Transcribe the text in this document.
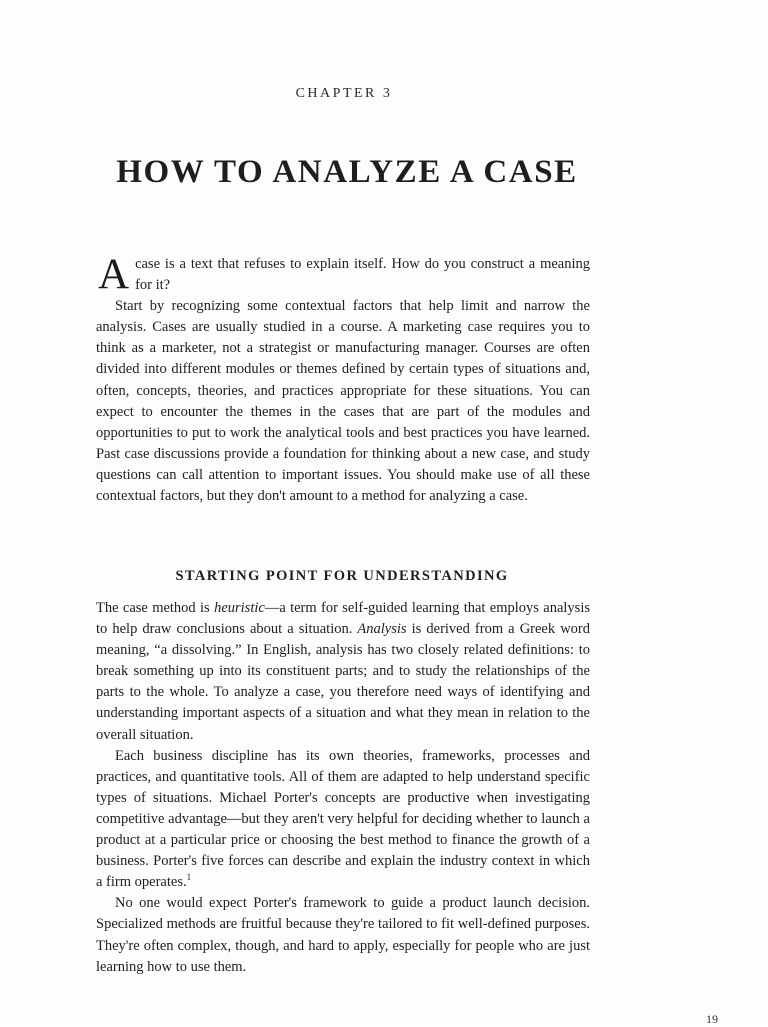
CHAPTER 3
HOW TO ANALYZE A CASE

Acase is a text that refuses to explain itself. How do you construct a meaning for it?

Start by recognizing some contextual factors that help limit and narrow the analysis. Cases are usually studied in a course. A marketing case requires you to think as a marketer, not a strategist or manufacturing manager. Courses are often divided into different modules or themes defined by certain types of situations and, often, concepts, theories, and practices appropriate for these situations. You can expect to encounter the themes in the cases that are part of the modules and opportunities to put to work the analytical tools and best practices you have learned. Past case discussions provide a foundation for thinking about a new case, and study questions can call attention to important issues. You should make use of all these contextual factors, but they don't amount to a method for analyzing a case.

STARTING POINT FOR UNDERSTANDING

The case method is heuristic—a term for self-guided learning that employs analysis to help draw conclusions about a situation. Analysis is derived from a Greek word meaning, “a dissolving.” In English, analysis has two closely related definitions: to break something up into its constituent parts; and to study the relationships of the parts to the whole. To analyze a case, you therefore need ways of identifying and understanding important aspects of a situation and what they mean in relation to the overall situation.

Each business discipline has its own theories, frameworks, processes and practices, and quantitative tools. All of them are adapted to help understand specific types of situations. Michael Porter's concepts are productive when investigating competitive advantage—but they aren't very helpful for deciding whether to launch a product at a particular price or choosing the best method to finance the growth of a business. Porter's five forces can describe and explain the industry context in which a firm operates.$^1$

No one would expect Porter's framework to guide a product launch decision. Specialized methods are fruitful because they're tailored to fit well-defined purposes. They're often complex, though, and hard to apply, especially for people who are just learning how to use them.

19
